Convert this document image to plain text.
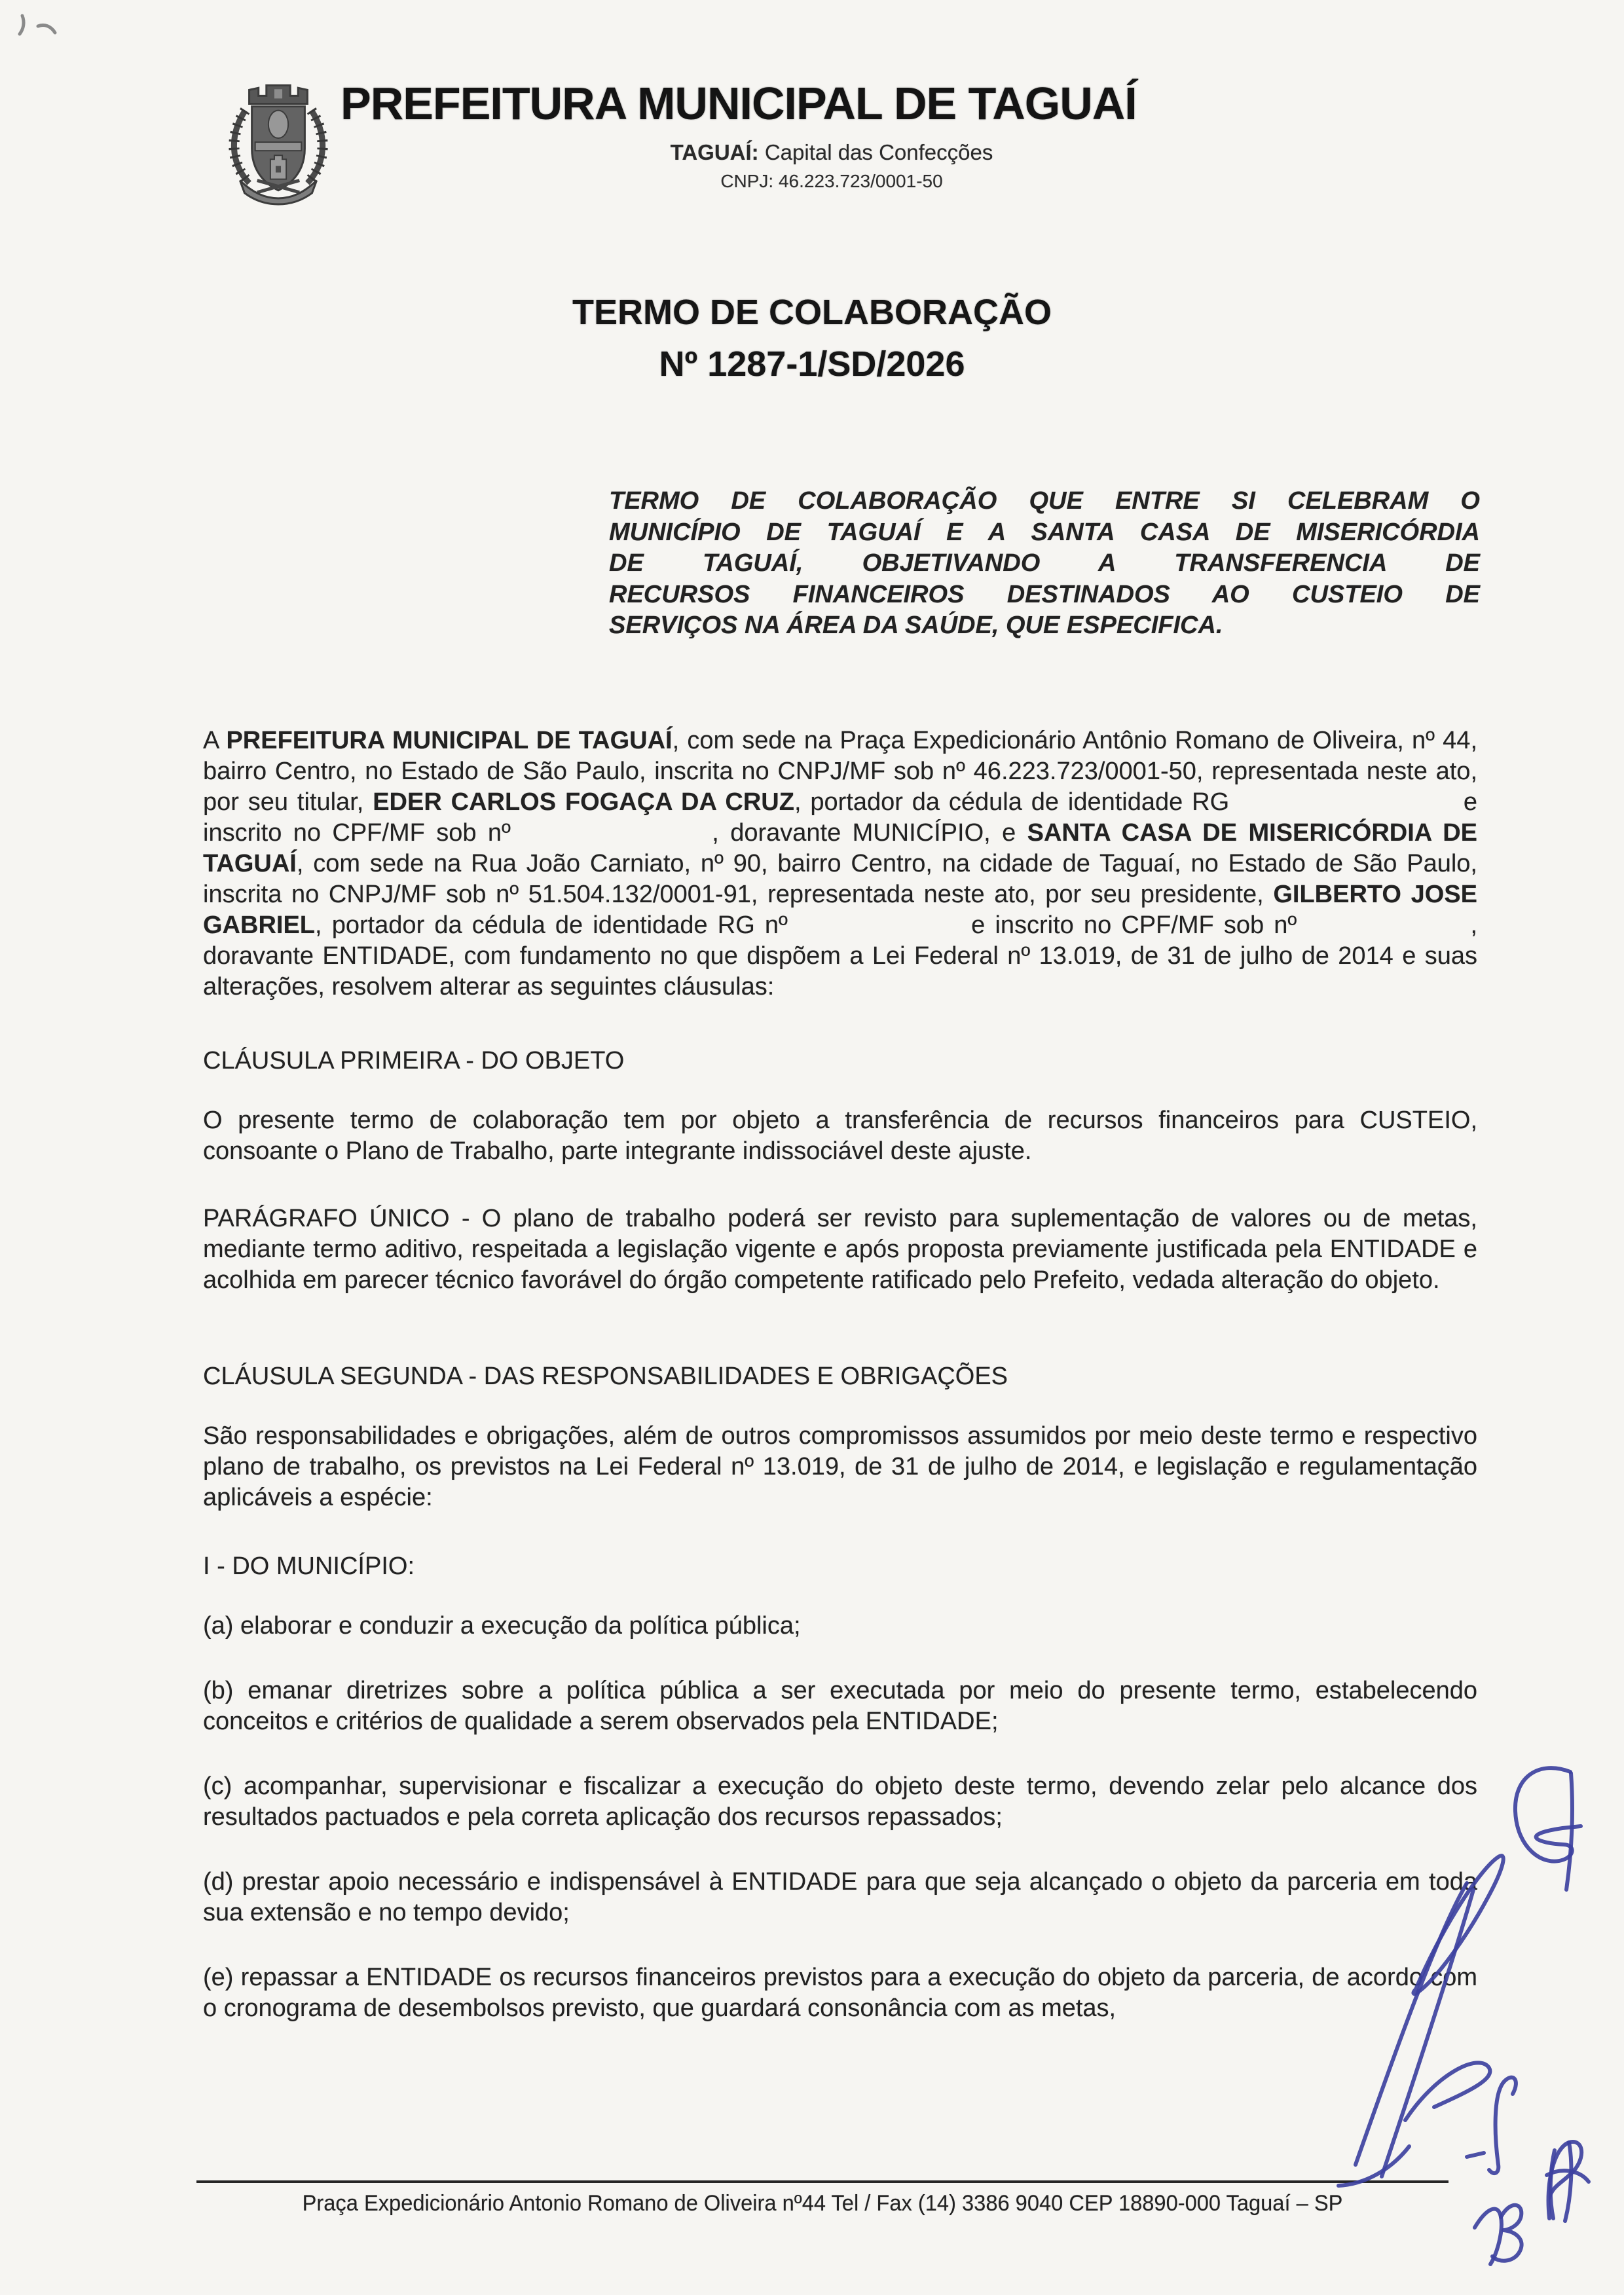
PREFEITURA MUNICIPAL DE TAGUAÍ
TAGUAÍ: Capital das Confecções
CNPJ: 46.223.723/0001-50
TERMO DE COLABORAÇÃO
Nº 1287-1/SD/2026
TERMO DE COLABORAÇÃO QUE ENTRE SI CELEBRAM O
MUNICÍPIO DE TAGUAÍ E A SANTA CASA DE MISERICÓRDIA
DE TAGUAÍ, OBJETIVANDO A TRANSFERENCIA DE
RECURSOS FINANCEIROS DESTINADOS AO CUSTEIO DE
SERVIÇOS NA ÁREA DA SAÚDE, QUE ESPECIFICA.

A PREFEITURA MUNICIPAL DE TAGUAÍ, com sede na Praça Expedicionário Antônio Romano de Oliveira, nº 44, bairro Centro, no Estado de São Paulo, inscrita no CNPJ/MF sob nº 46.223.723/0001-50, representada neste ato, por seu titular, EDER CARLOS FOGAÇA DA CRUZ, portador da cédula de identidade RG	e inscrito no CPF/MF sob nº	, doravante MUNICÍPIO, e SANTA CASA DE MISERICÓRDIA DE TAGUAÍ, com sede na Rua João Carniato, nº 90, bairro Centro, na cidade de Taguaí, no Estado de São Paulo, inscrita no CNPJ/MF sob nº 51.504.132/0001-91, representada neste ato, por seu presidente, GILBERTO JOSE GABRIEL, portador da cédula de identidade RG nº	e inscrito no CPF/MF sob nº	, doravante ENTIDADE, com fundamento no que dispõem a Lei Federal nº 13.019, de 31 de julho de 2014 e suas alterações, resolvem alterar as seguintes cláusulas:

CLÁUSULA PRIMEIRA - DO OBJETO

O presente termo de colaboração tem por objeto a transferência de recursos financeiros para CUSTEIO, consoante o Plano de Trabalho, parte integrante indissociável deste ajuste.

PARÁGRAFO ÚNICO - O plano de trabalho poderá ser revisto para suplementação de valores ou de metas, mediante termo aditivo, respeitada a legislação vigente e após proposta previamente justificada pela ENTIDADE e acolhida em parecer técnico favorável do órgão competente ratificado pelo Prefeito, vedada alteração do objeto.

CLÁUSULA SEGUNDA - DAS RESPONSABILIDADES E OBRIGAÇÕES

São responsabilidades e obrigações, além de outros compromissos assumidos por meio deste termo e respectivo plano de trabalho, os previstos na Lei Federal nº 13.019, de 31 de julho de 2014, e legislação e regulamentação aplicáveis a espécie:

I - DO MUNICÍPIO:

(a) elaborar e conduzir a execução da política pública;

(b) emanar diretrizes sobre a política pública a ser executada por meio do presente termo, estabelecendo conceitos e critérios de qualidade a serem observados pela ENTIDADE;

(c) acompanhar, supervisionar e fiscalizar a execução do objeto deste termo, devendo zelar pelo alcance dos resultados pactuados e pela correta aplicação dos recursos repassados;

(d) prestar apoio necessário e indispensável à ENTIDADE para que seja alcançado o objeto da parceria em toda sua extensão e no tempo devido;

(e) repassar a ENTIDADE os recursos financeiros previstos para a execução do objeto da parceria, de acordo com o cronograma de desembolsos previsto, que guardará consonância com as metas,

Praça Expedicionário Antonio Romano de Oliveira nº44 Tel / Fax (14) 3386 9040 CEP 18890-000 Taguaí – SP
